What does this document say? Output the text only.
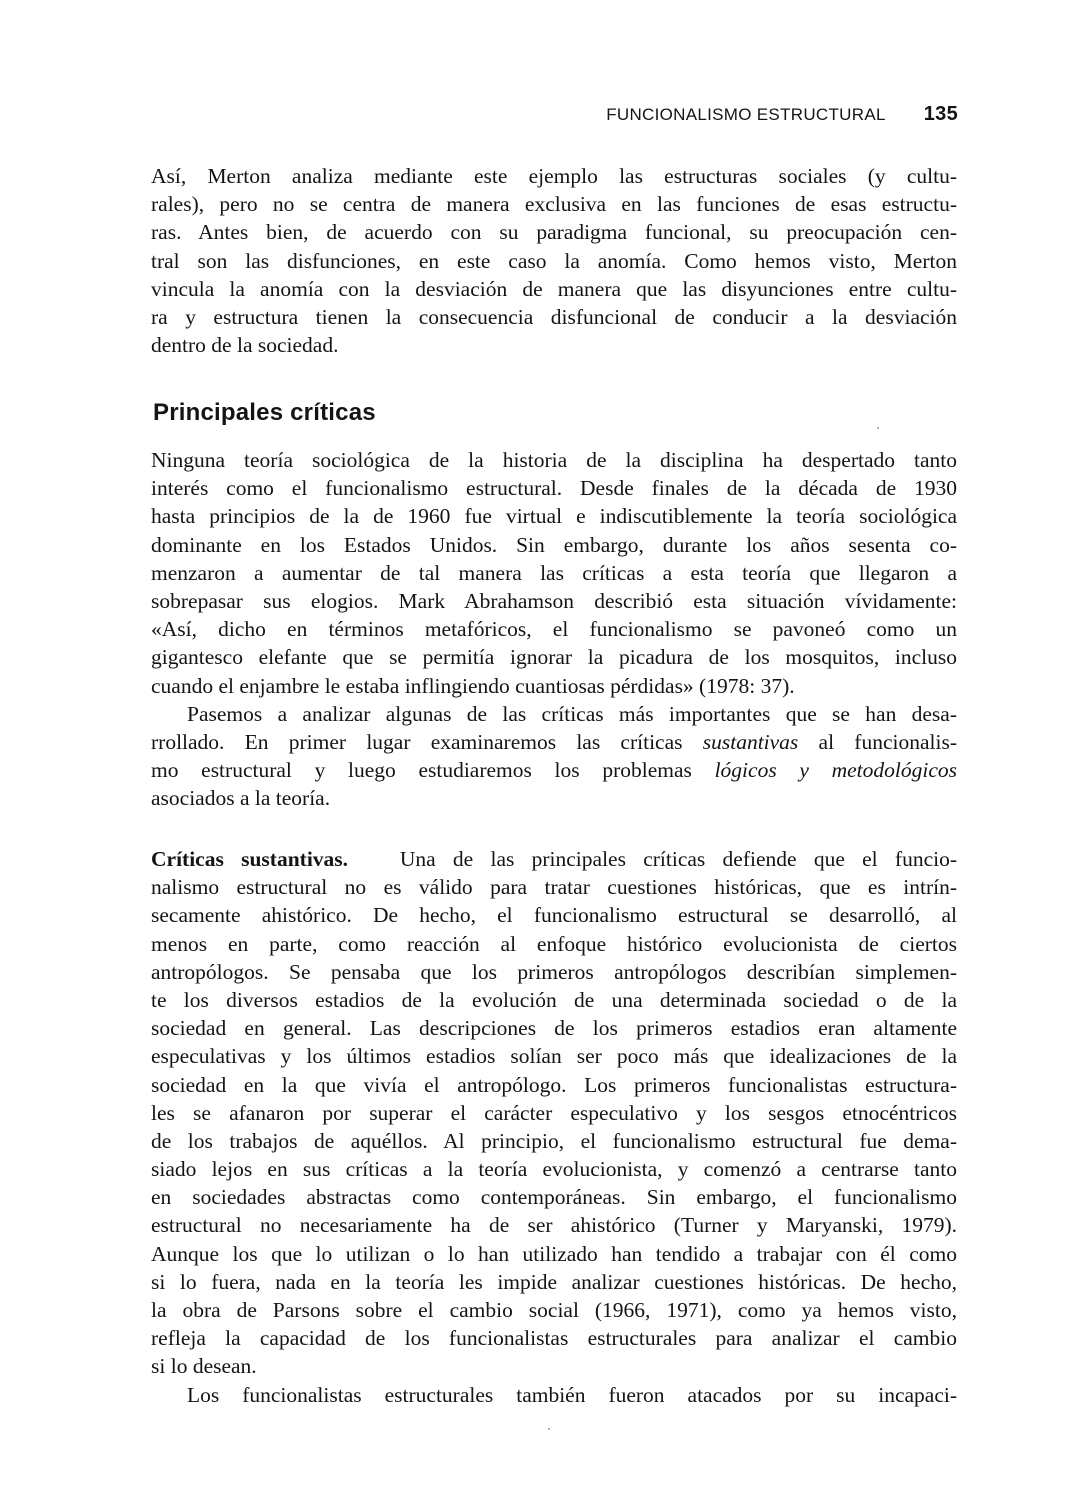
FUNCIONALISMO ESTRUCTURAL 135
Así, Merton analiza mediante este ejemplo las estructuras sociales (y cultu-
rales), pero no se centra de manera exclusiva en las funciones de esas estructu-
ras. Antes bien, de acuerdo con su paradigma funcional, su preocupación cen-
tral son las disfunciones, en este caso la anomía. Como hemos visto, Merton
vincula la anomía con la desviación de manera que las disyunciones entre cultu-
ra y estructura tienen la consecuencia disfuncional de conducir a la desviación
dentro de la sociedad.
Principales críticas
Ninguna teoría sociológica de la historia de la disciplina ha despertado tanto
interés como el funcionalismo estructural. Desde finales de la década de 1930
hasta principios de la de 1960 fue virtual e indiscutiblemente la teoría sociológica
dominante en los Estados Unidos. Sin embargo, durante los años sesenta co-
menzaron a aumentar de tal manera las críticas a esta teoría que llegaron a
sobrepasar sus elogios. Mark Abrahamson describió esta situación vívidamente:
«Así, dicho en términos metafóricos, el funcionalismo se pavoneó como un
gigantesco elefante que se permitía ignorar la picadura de los mosquitos, incluso
cuando el enjambre le estaba inflingiendo cuantiosas pérdidas» (1978: 37).
Pasemos a analizar algunas de las críticas más importantes que se han desa-
rrollado. En primer lugar examinaremos las críticas sustantivas al funcionalis-
mo estructural y luego estudiaremos los problemas lógicos y metodológicos
asociados a la teoría.
Críticas sustantivas. Una de las principales críticas defiende que el funcio-
nalismo estructural no es válido para tratar cuestiones históricas, que es intrín-
secamente ahistórico. De hecho, el funcionalismo estructural se desarrolló, al
menos en parte, como reacción al enfoque histórico evolucionista de ciertos
antropólogos. Se pensaba que los primeros antropólogos describían simplemen-
te los diversos estadios de la evolución de una determinada sociedad o de la
sociedad en general. Las descripciones de los primeros estadios eran altamente
especulativas y los últimos estadios solían ser poco más que idealizaciones de la
sociedad en la que vivía el antropólogo. Los primeros funcionalistas estructura-
les se afanaron por superar el carácter especulativo y los sesgos etnocéntricos
de los trabajos de aquéllos. Al principio, el funcionalismo estructural fue dema-
siado lejos en sus críticas a la teoría evolucionista, y comenzó a centrarse tanto
en sociedades abstractas como contemporáneas. Sin embargo, el funcionalismo
estructural no necesariamente ha de ser ahistórico (Turner y Maryanski, 1979).
Aunque los que lo utilizan o lo han utilizado han tendido a trabajar con él como
si lo fuera, nada en la teoría les impide analizar cuestiones históricas. De hecho,
la obra de Parsons sobre el cambio social (1966, 1971), como ya hemos visto,
refleja la capacidad de los funcionalistas estructurales para analizar el cambio
si lo desean.
Los funcionalistas estructurales también fueron atacados por su incapaci-
